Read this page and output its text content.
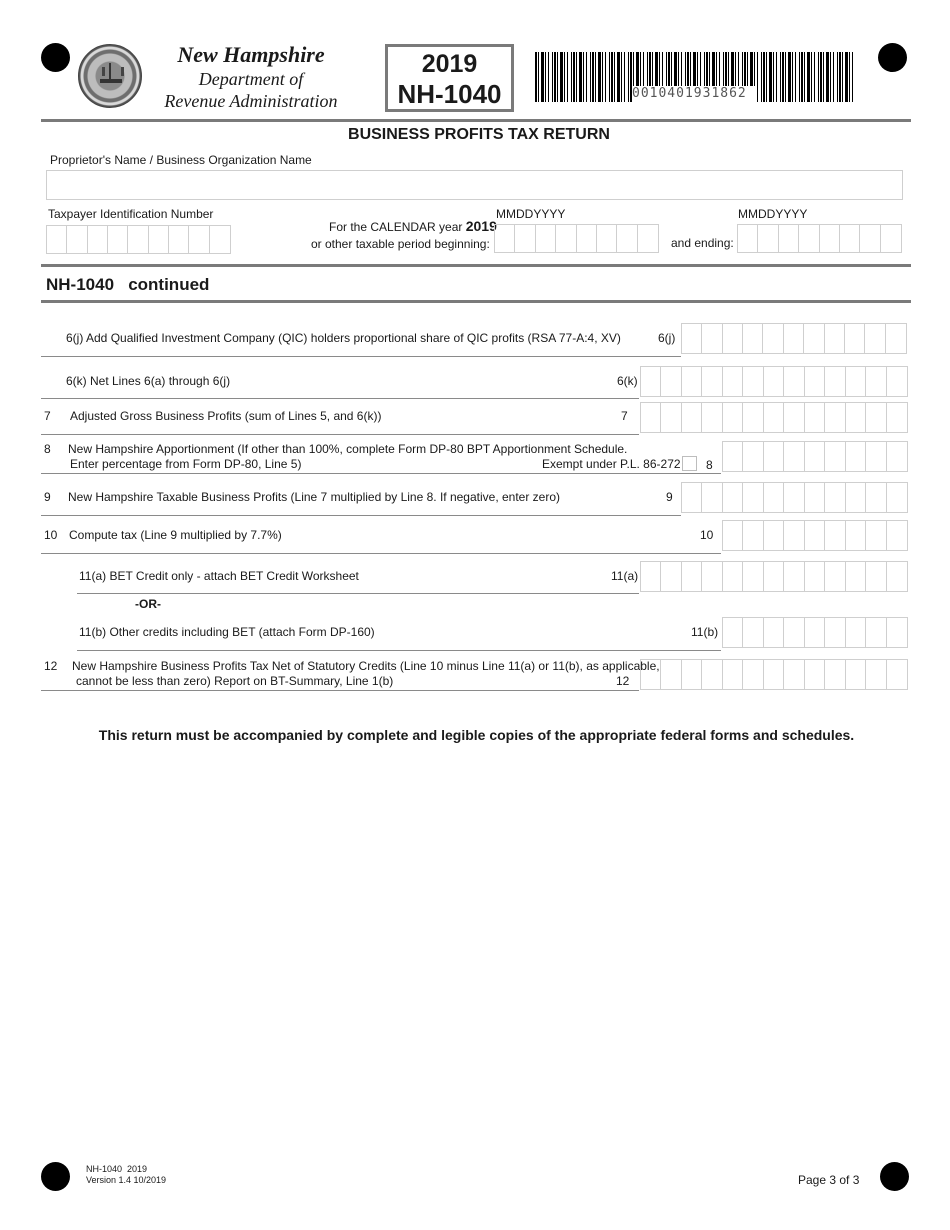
New Hampshire
Department of
Revenue Administration
2019
NH-1040	0010401931862
BUSINESS PROFITS TAX RETURN
Proprietor's Name / Business Organization Name
Taxpayer Identification Number
For the CALENDAR year 2019
or other taxable period beginning:
MMDDYYYY
and ending:
MMDDYYYY
NH-1040   continued
6(j) Add Qualified Investment Company (QIC) holders proportional share of QIC profits (RSA 77-A:4, XV)	6(j)
6(k) Net Lines 6(a) through 6(j)	6(k)
7 Adjusted Gross Business Profits (sum of Lines 5, and 6(k))	7
8 New Hampshire Apportionment (If other than 100%, complete Form DP-80 BPT Apportionment Schedule.
Enter percentage from Form DP-80, Line 5)	Exempt under P.L. 86-272 8
9 New Hampshire Taxable Business Profits (Line 7 multiplied by Line 8. If negative, enter zero)	9
10 Compute tax (Line 9 multiplied by 7.7%)	10
11(a) BET Credit only - attach BET Credit Worksheet	11(a)
-OR-
11(b) Other credits including BET (attach Form DP-160)	11(b)
12 New Hampshire Business Profits Tax Net of Statutory Credits (Line 10 minus Line 11(a) or 11(b), as applicable,
cannot be less than zero) Report on BT-Summary, Line 1(b)	12
This return must be accompanied by complete and legible copies of the appropriate federal forms and schedules.
NH-1040  2019
Version 1.4 10/2019	Page 3 of 3
